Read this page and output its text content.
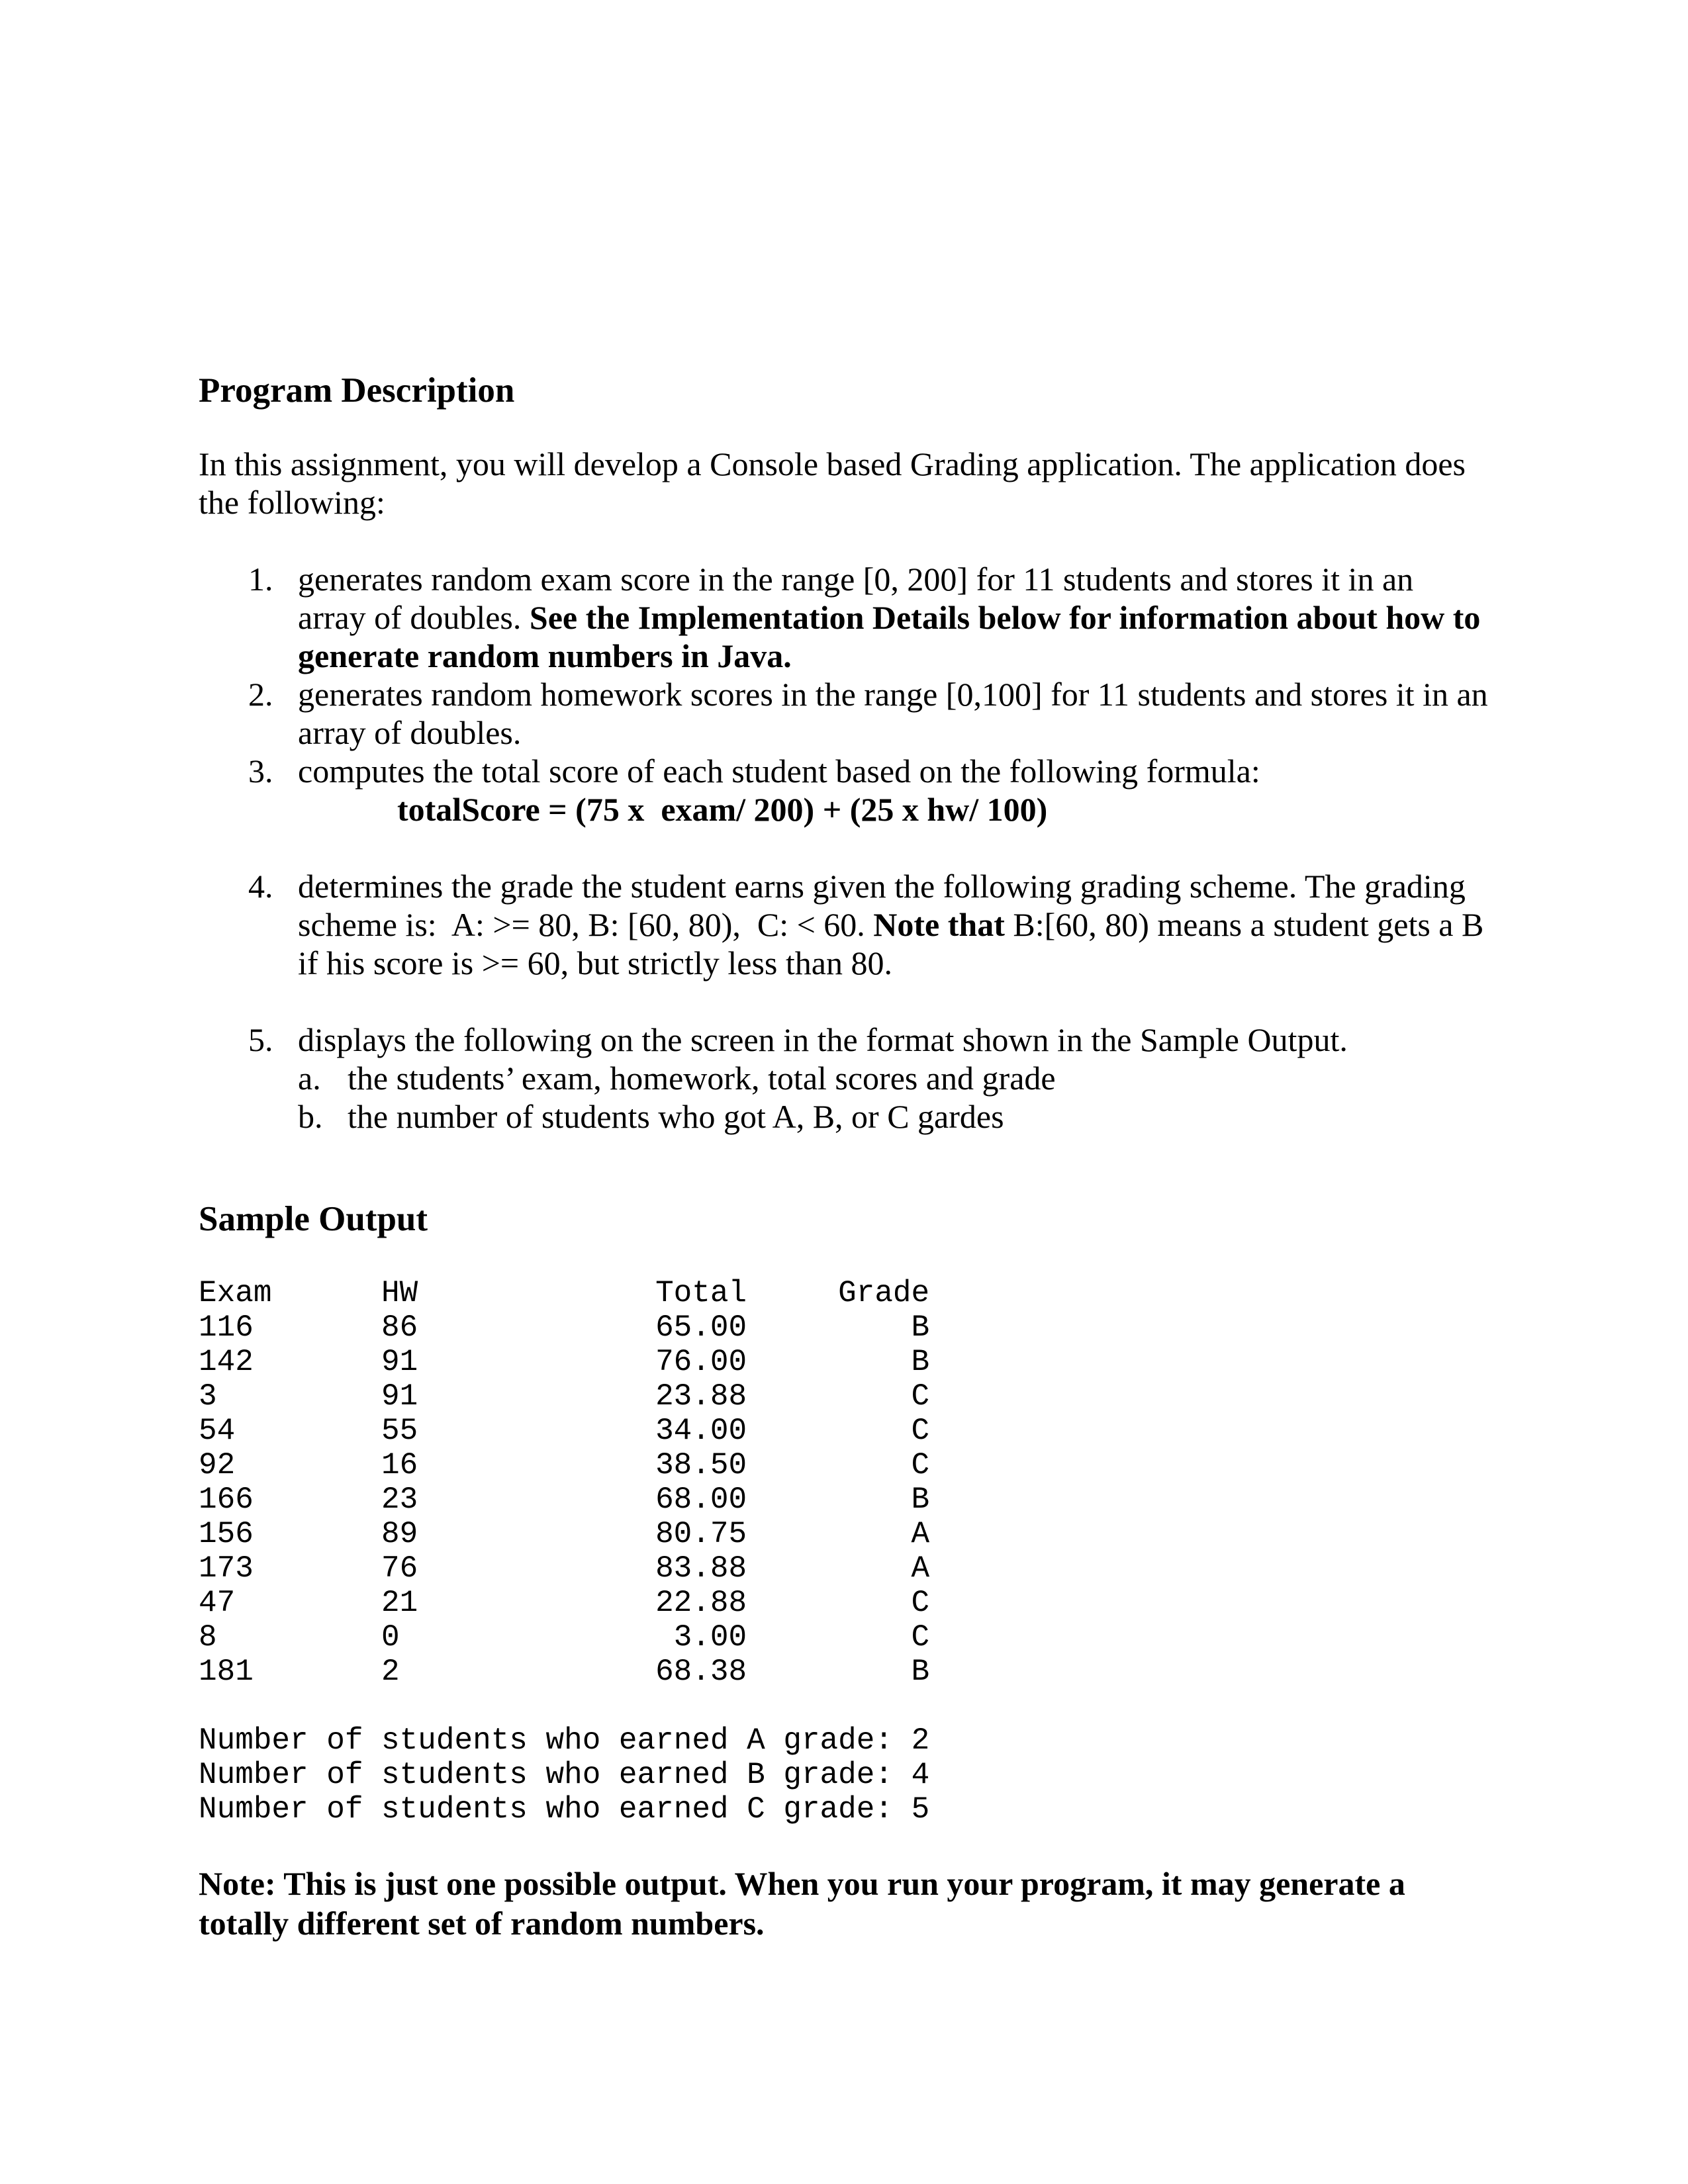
Program Description
In this assignment, you will develop a Console based Grading application. The application does the following:
1. generates random exam score in the range [0, 200] for 11 students and stores it in an array of doubles. See the Implementation Details below for information about how to generate random numbers in Java.
2. generates random homework scores in the range [0,100] for 11 students and stores it in an array of doubles.
3. computes the total score of each student based on the following formula:
totalScore = (75 x  exam/ 200) + (25 x hw/ 100)
4. determines the grade the student earns given the following grading scheme. The grading scheme is:  A: >= 80, B: [60, 80),  C: < 60. Note that B:[60, 80) means a student gets a B if his score is >= 60, but strictly less than 80.
5. displays the following on the screen in the format shown in the Sample Output.
a. the students’ exam, homework, total scores and grade
b. the number of students who got A, B, or C gardes
Sample Output
Exam	HW	Total	Grade
116	86	65.00	B
142	91	76.00	B
3	91	23.88	C
54	55	34.00	C
92	16	38.50	C
166	23	68.00	B
156	89	80.75	A
173	76	83.88	A
47	21	22.88	C
8	0	3.00	C
181	2	68.38	B
Number of students who earned A grade: 2
Number of students who earned B grade: 4
Number of students who earned C grade: 5
Note: This is just one possible output. When you run your program, it may generate a totally different set of random numbers.
